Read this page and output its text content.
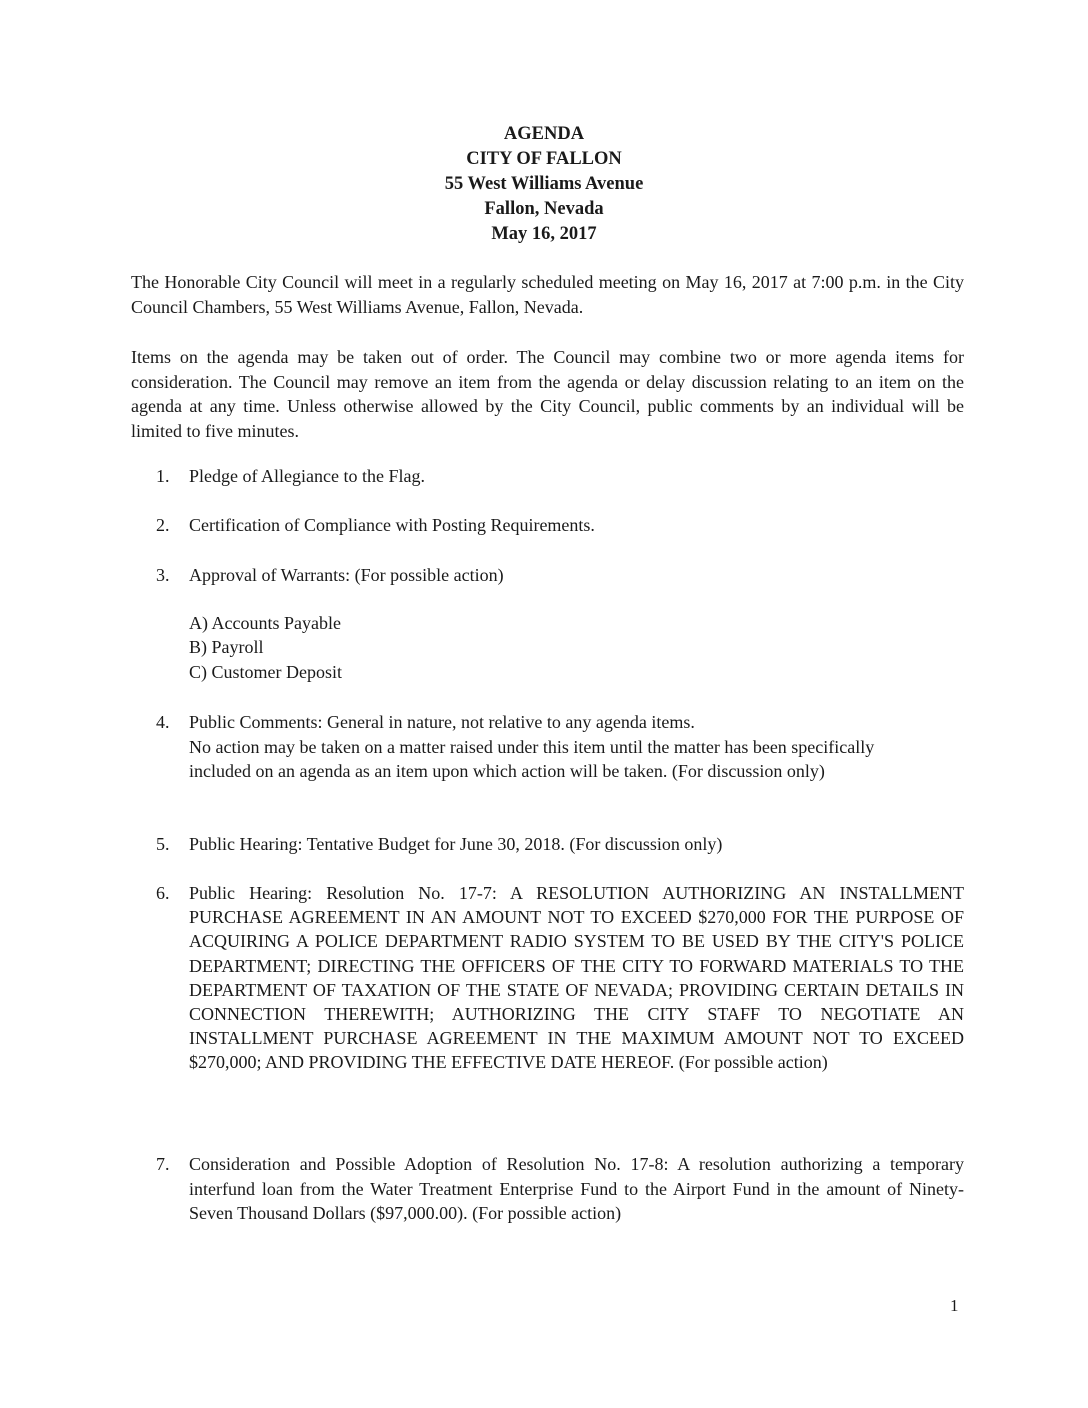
AGENDA
CITY OF FALLON
55 West Williams Avenue
Fallon, Nevada
May 16, 2017

The Honorable City Council will meet in a regularly scheduled meeting on May 16, 2017 at 7:00 p.m. in the City Council Chambers, 55 West Williams Avenue, Fallon, Nevada.

Items on the agenda may be taken out of order. The Council may combine two or more agenda items for consideration. The Council may remove an item from the agenda or delay discussion relating to an item on the agenda at any time. Unless otherwise allowed by the City Council, public comments by an individual will be limited to five minutes.

1.	Pledge of Allegiance to the Flag.
2.	Certification of Compliance with Posting Requirements.
3.	Approval of Warrants: (For possible action)
A) Accounts Payable
B) Payroll
C) Customer Deposit
4.	Public Comments: General in nature, not relative to any agenda items.
No action may be taken on a matter raised under this item until the matter has been specifically included on an agenda as an item upon which action will be taken. (For discussion only)
5.	Public Hearing: Tentative Budget for June 30, 2018. (For discussion only)
6.	Public Hearing: Resolution No. 17-7: A RESOLUTION AUTHORIZING AN INSTALLMENT PURCHASE AGREEMENT IN AN AMOUNT NOT TO EXCEED $270,000 FOR THE PURPOSE OF ACQUIRING A POLICE DEPARTMENT RADIO SYSTEM TO BE USED BY THE CITY'S POLICE DEPARTMENT; DIRECTING THE OFFICERS OF THE CITY TO FORWARD MATERIALS TO THE DEPARTMENT OF TAXATION OF THE STATE OF NEVADA; PROVIDING CERTAIN DETAILS IN CONNECTION THEREWITH; AUTHORIZING THE CITY STAFF TO NEGOTIATE AN INSTALLMENT PURCHASE AGREEMENT IN THE MAXIMUM AMOUNT NOT TO EXCEED $270,000; AND PROVIDING THE EFFECTIVE DATE HEREOF. (For possible action)
7.	Consideration and Possible Adoption of Resolution No. 17-8: A resolution authorizing a temporary interfund loan from the Water Treatment Enterprise Fund to the Airport Fund in the amount of Ninety-Seven Thousand Dollars ($97,000.00). (For possible action)
1
